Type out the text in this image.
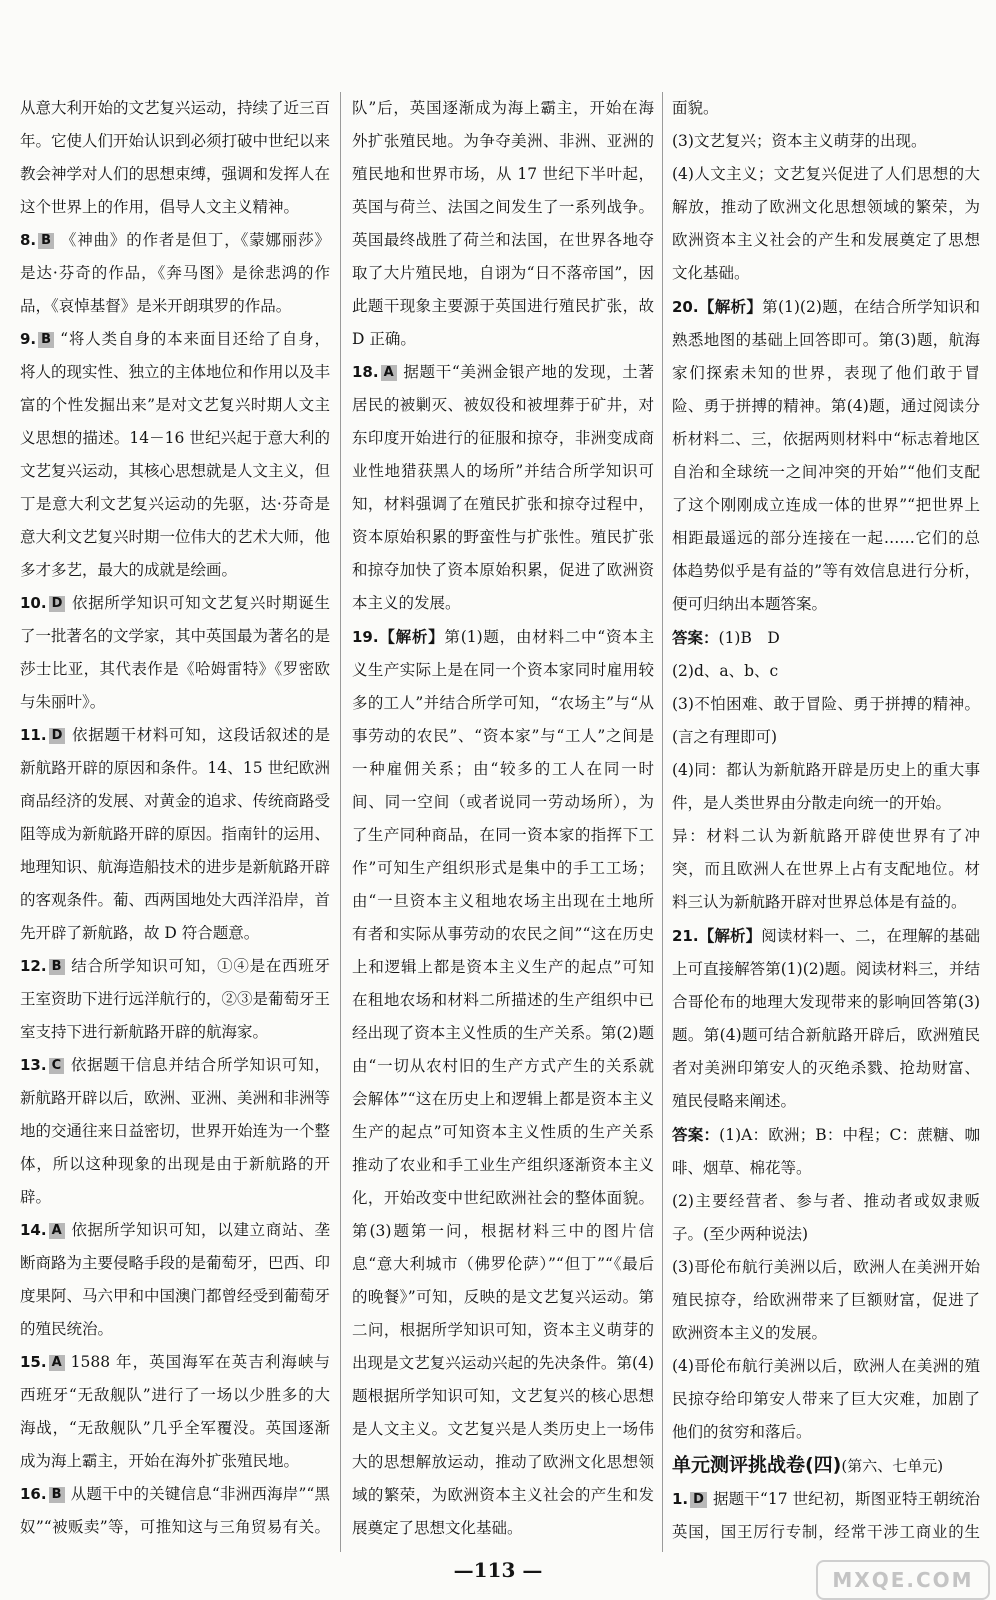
从意大利开始的文艺复兴运动，持续了近三百年。它使人们开始认识到必须打破中世纪以来教会神学对人们的思想束缚，强调和发挥人在这个世界上的作用，倡导人文主义精神。

8. B 《神曲》的作者是但丁，《蒙娜丽莎》是达·芬奇的作品，《奔马图》是徐悲鸿的作品，《哀悼基督》是米开朗琪罗的作品。

9. B “将人类自身的本来面目还给了自身，将人的现实性、独立的主体地位和作用以及丰富的个性发掘出来”是对文艺复兴时期人文主义思想的描述。14－16 世纪兴起于意大利的文艺复兴运动，其核心思想就是人文主义，但丁是意大利文艺复兴运动的先驱，达·芬奇是意大利文艺复兴时期一位伟大的艺术大师，他多才多艺，最大的成就是绘画。

10. D 依据所学知识可知文艺复兴时期诞生了一批著名的文学家，其中英国最为著名的是莎士比亚，其代表作是《哈姆雷特》《罗密欧与朱丽叶》。

11. D 依据题干材料可知，这段话叙述的是新航路开辟的原因和条件。14、15 世纪欧洲商品经济的发展、对黄金的追求、传统商路受阻等成为新航路开辟的原因。指南针的运用、地理知识、航海造船技术的进步是新航路开辟的客观条件。葡、西两国地处大西洋沿岸，首先开辟了新航路，故 D 符合题意。

12. B 结合所学知识可知，①④是在西班牙王室资助下进行远洋航行的，②③是葡萄牙王室支持下进行新航路开辟的航海家。

13. C 依据题干信息并结合所学知识可知，新航路开辟以后，欧洲、亚洲、美洲和非洲等地的交通往来日益密切，世界开始连为一个整体，所以这种现象的出现是由于新航路的开辟。

14. A 依据所学知识可知，以建立商站、垄断商路为主要侵略手段的是葡萄牙，巴西、印度果阿、马六甲和中国澳门都曾经受到葡萄牙的殖民统治。

15. A 1588 年，英国海军在英吉利海峡与西班牙“无敌舰队”进行了一场以少胜多的大海战，“无敌舰队”几乎全军覆没。英国逐渐成为海上霸主，开始在海外扩张殖民地。

16. B 从题干中的关键信息“非洲西海岸”“黑奴”“被贩卖”等，可推知这与三角贸易有关。

队”后，英国逐渐成为海上霸主，开始在海外扩张殖民地。为争夺美洲、非洲、亚洲的殖民地和世界市场，从 17 世纪下半叶起，英国与荷兰、法国之间发生了一系列战争。英国最终战胜了荷兰和法国，在世界各地夺取了大片殖民地，自诩为“日不落帝国”，因此题干现象主要源于英国进行殖民扩张，故 D 正确。

18. A 据题干“美洲金银产地的发现，土著居民的被剿灭、被奴役和被埋葬于矿井，对东印度开始进行的征服和掠夺，非洲变成商业性地猎获黑人的场所”并结合所学知识可知，材料强调了在殖民扩张和掠夺过程中，资本原始积累的野蛮性与扩张性。殖民扩张和掠夺加快了资本原始积累，促进了欧洲资本主义的发展。

19.【解析】第(1)题，由材料二中“资本主义生产实际上是在同一个资本家同时雇用较多的工人”并结合所学可知，“农场主”与“从事劳动的农民”、“资本家”与“工人”之间是一种雇佣关系；由“较多的工人在同一时间、同一空间（或者说同一劳动场所），为了生产同种商品，在同一资本家的指挥下工作”可知生产组织形式是集中的手工工场；由“一旦资本主义租地农场主出现在土地所有者和实际从事劳动的农民之间”“这在历史上和逻辑上都是资本主义生产的起点”可知在租地农场和材料二所描述的生产组织中已经出现了资本主义性质的生产关系。第(2)题由“一切从农村旧的生产方式产生的关系就会解体”“这在历史上和逻辑上都是资本主义生产的起点”可知资本主义性质的生产关系推动了农业和手工业生产组织逐渐资本主义化，开始改变中世纪欧洲社会的整体面貌。第(3)题第一问，根据材料三中的图片信息“意大利城市（佛罗伦萨）”“但丁”“《最后的晚餐》”可知，反映的是文艺复兴运动。第二问，根据所学知识可知，资本主义萌芽的出现是文艺复兴运动兴起的先决条件。第(4)题根据所学知识可知，文艺复兴的核心思想是人文主义。文艺复兴是人类历史上一场伟大的思想解放运动，推动了欧洲文化思想领域的繁荣，为欧洲资本主义社会的产生和发展奠定了思想文化基础。

面貌。

(3)文艺复兴；资本主义萌芽的出现。

(4)人文主义；文艺复兴促进了人们思想的大解放，推动了欧洲文化思想领域的繁荣，为欧洲资本主义社会的产生和发展奠定了思想文化基础。

20.【解析】第(1)(2)题，在结合所学知识和熟悉地图的基础上回答即可。第(3)题，航海家们探索未知的世界，表现了他们敢于冒险、勇于拼搏的精神。第(4)题，通过阅读分析材料二、三，依据两则材料中“标志着地区自治和全球统一之间冲突的开始”“他们支配了这个刚刚成立连成一体的世界”“把世界上相距最遥远的部分连接在一起……它们的总体趋势似乎是有益的”等有效信息进行分析，便可归纳出本题答案。

答案：(1)B　D

(2)d、a、b、c

(3)不怕困难、敢于冒险、勇于拼搏的精神。(言之有理即可)

(4)同：都认为新航路开辟是历史上的重大事件，是人类世界由分散走向统一的开始。

异：材料二认为新航路开辟使世界有了冲突，而且欧洲人在世界上占有支配地位。材料三认为新航路开辟对世界总体是有益的。

21.【解析】阅读材料一、二，在理解的基础上可直接解答第(1)(2)题。阅读材料三，并结合哥伦布的地理大发现带来的影响回答第(3)题。第(4)题可结合新航路开辟后，欧洲殖民者对美洲印第安人的灭绝杀戮、抢劫财富、殖民侵略来阐述。

答案：(1)A：欧洲；B：中程；C：蔗糖、咖啡、烟草、棉花等。

(2)主要经营者、参与者、推动者或奴隶贩子。(至少两种说法)

(3)哥伦布航行美洲以后，欧洲人在美洲开始殖民掠夺，给欧洲带来了巨额财富，促进了欧洲资本主义的发展。

(4)哥伦布航行美洲以后，欧洲人在美洲的殖民掠夺给印第安人带来了巨大灾难，加剧了他们的贫穷和落后。

单元测评挑战卷(四)(第六、七单元)

1. D 据题干“17 世纪初，斯图亚特王朝统治英国，国王厉行专制，经常干涉工商业的生

—113 —	MXQE.COM
